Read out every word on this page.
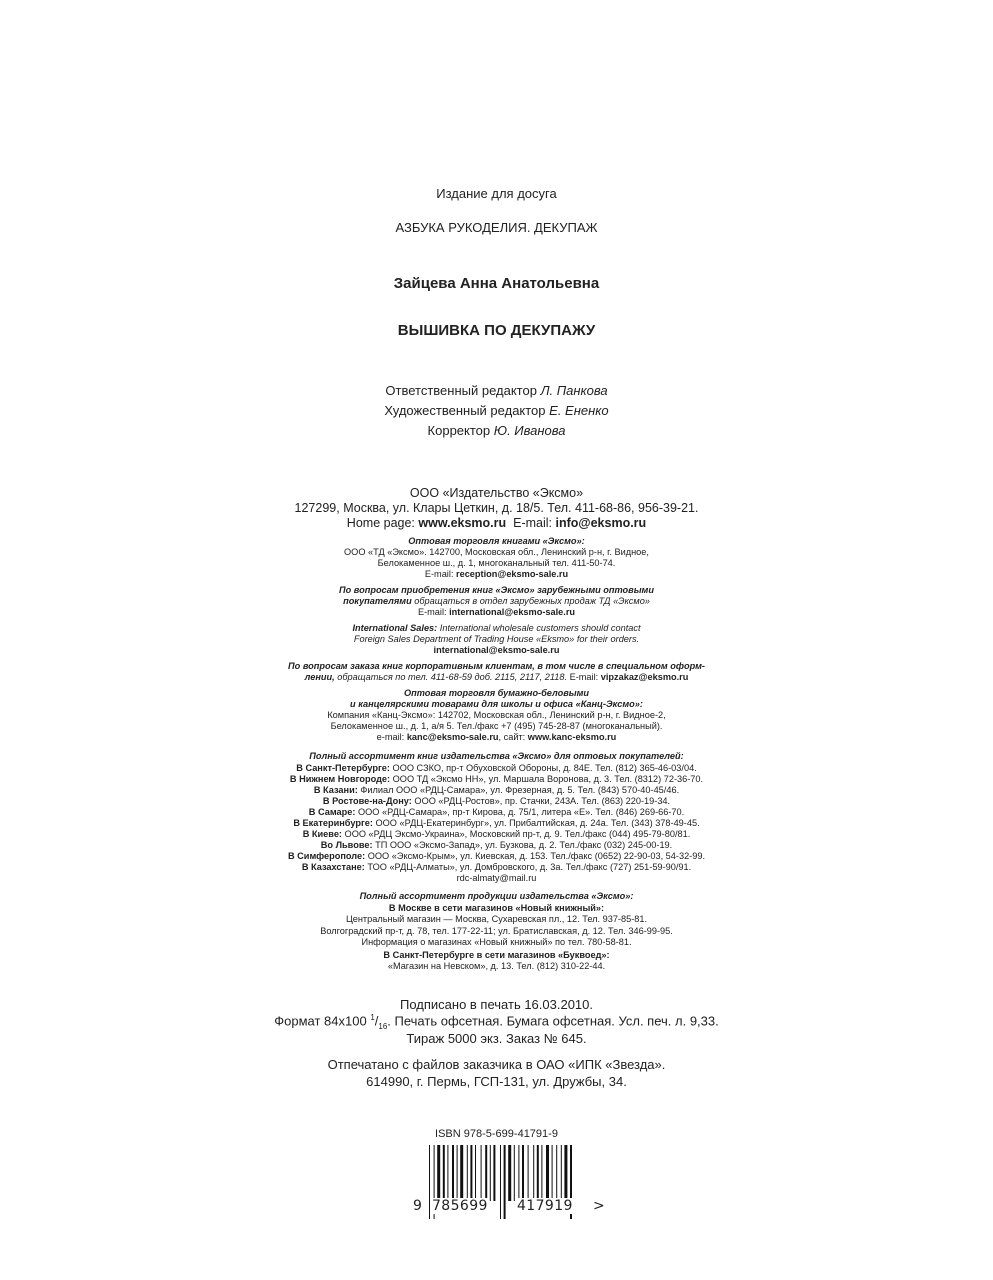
Издание для досуга
АЗБУКА РУКОДЕЛИЯ. ДЕКУПАЖ
Зайцева Анна Анатольевна
ВЫШИВКА ПО ДЕКУПАЖУ
Ответственный редактор Л. Панкова
Художественный редактор Е. Ененко
Корректор Ю. Иванова
ООО «Издательство «Эксмо»
127299, Москва, ул. Клары Цеткин, д. 18/5. Тел. 411-68-86, 956-39-21.
Home page: www.eksmo.ru E-mail: info@eksmo.ru
Оптовая торговля книгами «Эксмо»:
ООО «ТД «Эксмо». 142700, Московская обл., Ленинский р-н, г. Видное,
Белокаменное ш., д. 1, многоканальный тел. 411-50-74.
E-mail: reception@eksmo-sale.ru
По вопросам приобретения книг «Эксмо» зарубежными оптовыми
покупателями обращаться в отдел зарубежных продаж ТД «Эксмо»
E-mail: international@eksmo-sale.ru
International Sales: International wholesale customers should contact
Foreign Sales Department of Trading House «Eksmo» for their orders.
international@eksmo-sale.ru
По вопросам заказа книг корпоративным клиентам, в том числе в специальном оформ-
лении, обращаться по тел. 411-68-59 доб. 2115, 2117, 2118. E-mail: vipzakaz@eksmo.ru
Оптовая торговля бумажно-беловыми
и канцелярскими товарами для школы и офиса «Канц-Эксмо»:
Компания «Канц-Эксмо»: 142702, Московская обл., Ленинский р-н, г. Видное-2,
Белокаменное ш., д. 1, а/я 5. Тел./факс +7 (495) 745-28-87 (многоканальный).
e-mail: kanc@eksmo-sale.ru, сайт: www.kanc-eksmo.ru
Полный ассортимент книг издательства «Эксмо» для оптовых покупателей:
В Санкт-Петербурге: ООО СЗКО, пр-т Обуховской Обороны, д. 84Е. Тел. (812) 365-46-03/04.
В Нижнем Новгороде: ООО ТД «Эксмо НН», ул. Маршала Воронова, д. 3. Тел. (8312) 72-36-70.
В Казани: Филиал ООО «РДЦ-Самара», ул. Фрезерная, д. 5. Тел. (843) 570-40-45/46.
В Ростове-на-Дону: ООО «РДЦ-Ростов», пр. Стачки, 243А. Тел. (863) 220-19-34.
В Самаре: ООО «РДЦ-Самара», пр-т Кирова, д. 75/1, литера «Е». Тел. (846) 269-66-70.
В Екатеринбурге: ООО «РДЦ-Екатеринбург», ул. Прибалтийская, д. 24а. Тел. (343) 378-49-45.
В Киеве: ООО «РДЦ Эксмо-Украина», Московский пр-т, д. 9. Тел./факс (044) 495-79-80/81.
Во Львове: ТП ООО «Эксмо-Запад», ул. Бузкова, д. 2. Тел./факс (032) 245-00-19.
В Симферополе: ООО «Эксмо-Крым», ул. Киевская, д. 153. Тел./факс (0652) 22-90-03, 54-32-99.
В Казахстане: ТОО «РДЦ-Алматы», ул. Домбровского, д. 3а. Тел./факс (727) 251-59-90/91.
rdc-almaty@mail.ru
Полный ассортимент продукции издательства «Эксмо»:
В Москве в сети магазинов «Новый книжный»:
Центральный магазин — Москва, Сухаревская пл., 12. Тел. 937-85-81.
Волгоградский пр-т, д. 78, тел. 177-22-11; ул. Братиславская, д. 12. Тел. 346-99-95.
Информация о магазинах «Новый книжный» по тел. 780-58-81.
В Санкт-Петербурге в сети магазинов «Буквоед»:
«Магазин на Невском», д. 13. Тел. (812) 310-22-44.
Подписано в печать 16.03.2010.
Формат 84x100 $^1/_{16}$. Печать офсетная. Бумага офсетная. Усл. печ. л. 9,33.
Тираж 5000 экз. Заказ № 645.
Отпечатано с файлов заказчика в ОАО «ИПК «Звезда».
614990, г. Пермь, ГСП-131, ул. Дружбы, 34.
ISBN 978-5-699-41791-9
9 785699 417919 >
